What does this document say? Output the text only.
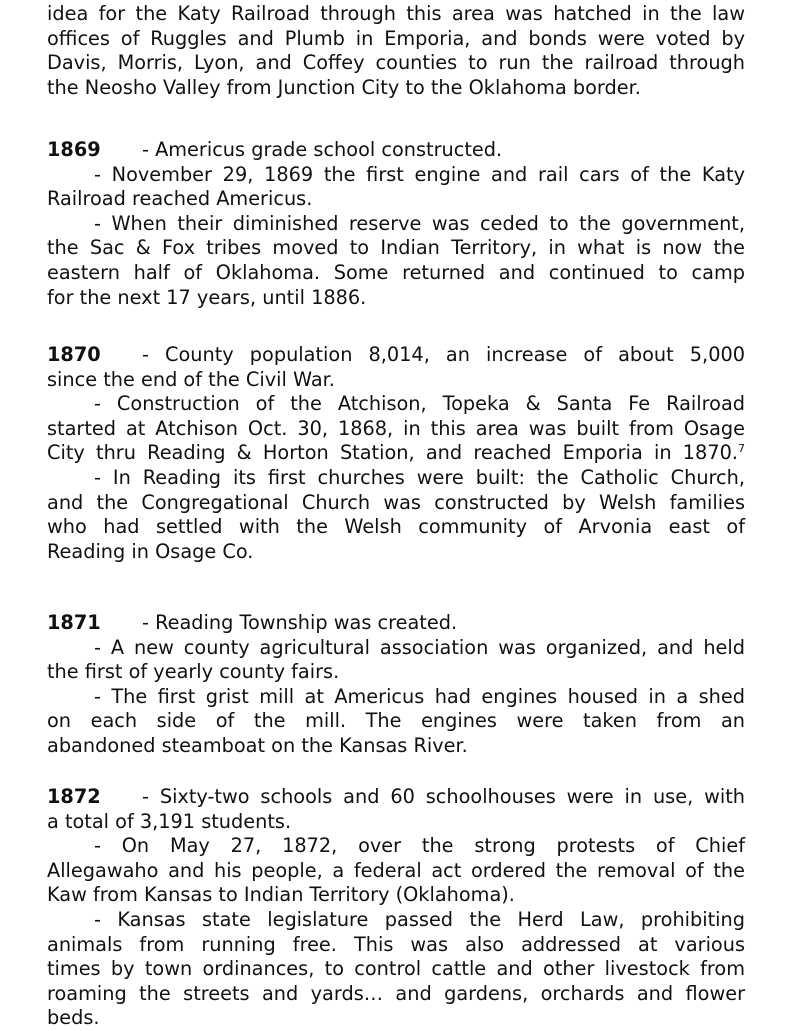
idea for the Katy Railroad through this area was hatched in the law
offices of Ruggles and Plumb in Emporia, and bonds were voted by
Davis, Morris, Lyon, and Coffey counties to run the railroad through
the Neosho Valley from Junction City to the Oklahoma border.
1869 - Americus grade school constructed.
- November 29, 1869 the first engine and rail cars of the Katy
Railroad reached Americus.
- When their diminished reserve was ceded to the government,
the Sac & Fox tribes moved to Indian Territory, in what is now the
eastern half of Oklahoma. Some returned and continued to camp
for the next 17 years, until 1886.
1870 - County population 8,014, an increase of about 5,000
since the end of the Civil War.
- Construction of the Atchison, Topeka & Santa Fe Railroad
started at Atchison Oct. 30, 1868, in this area was built from Osage
City thru Reading & Horton Station, and reached Emporia in 1870.$^7$
- In Reading its first churches were built: the Catholic Church,
and the Congregational Church was constructed by Welsh families
who had settled with the Welsh community of Arvonia east of
Reading in Osage Co.
1871 - Reading Township was created.
- A new county agricultural association was organized, and held
the first of yearly county fairs.
- The first grist mill at Americus had engines housed in a shed
on each side of the mill. The engines were taken from an
abandoned steamboat on the Kansas River.
1872 - Sixty-two schools and 60 schoolhouses were in use, with
a total of 3,191 students.
- On May 27, 1872, over the strong protests of Chief
Allegawaho and his people, a federal act ordered the removal of the
Kaw from Kansas to Indian Territory (Oklahoma).
- Kansas state legislature passed the Herd Law, prohibiting
animals from running free. This was also addressed at various
times by town ordinances, to control cattle and other livestock from
roaming the streets and yards… and gardens, orchards and flower
beds.
